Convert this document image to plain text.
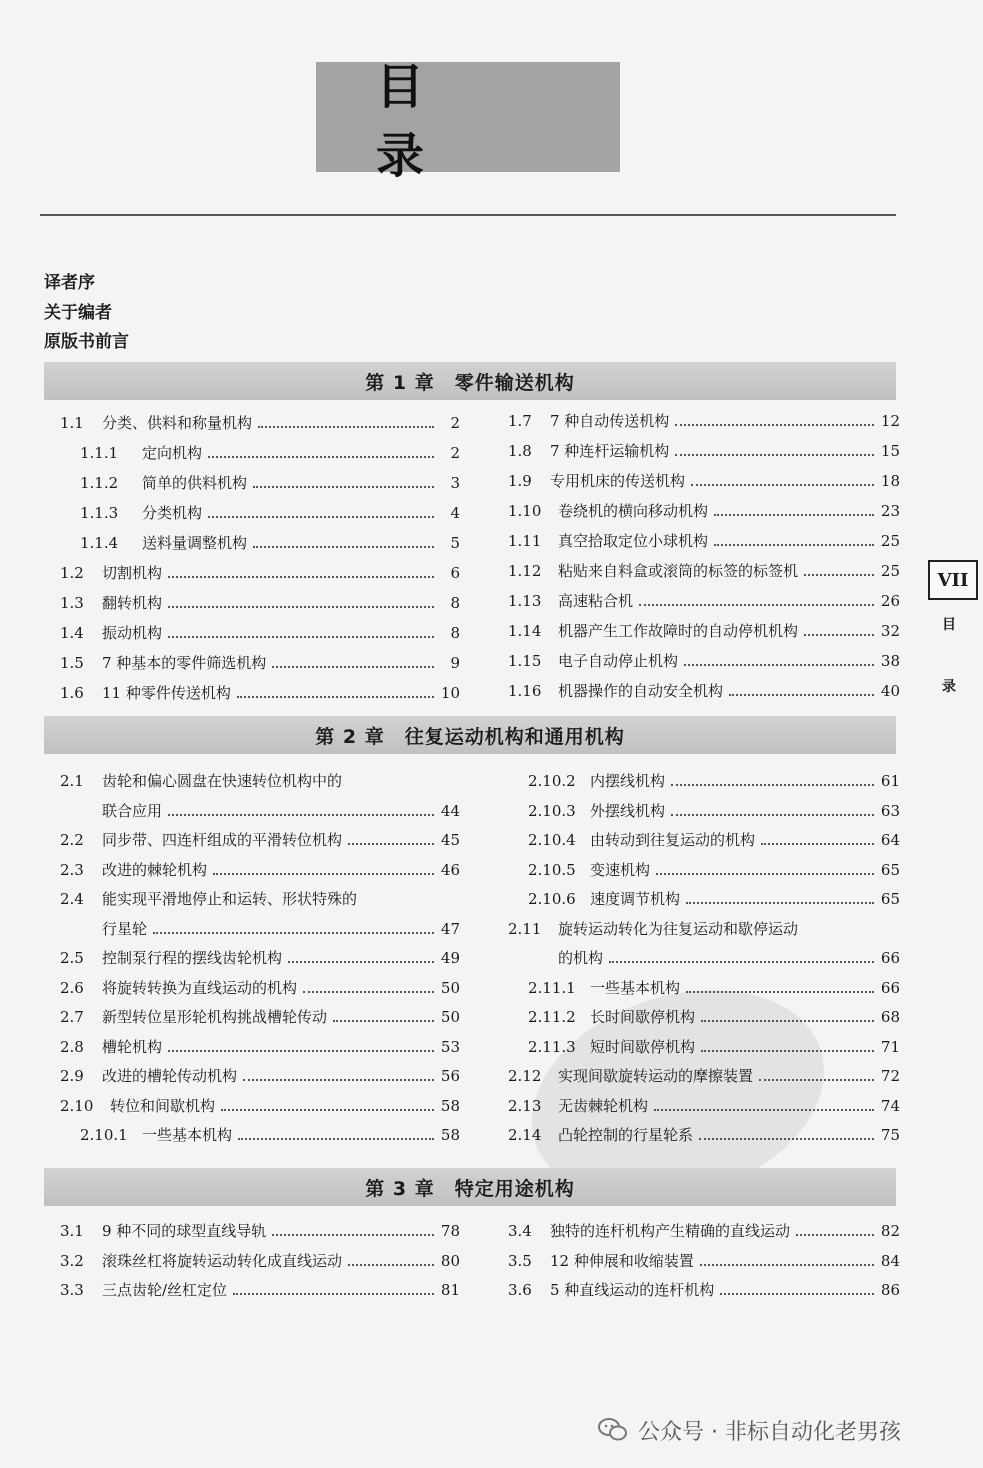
目 录
译者序
关于编者
原版书前言
第 1 章　零件输送机构
1.1	分类、供料和称量机构	2
1.1.1	定向机构	2
1.1.2	简单的供料机构	3
1.1.3	分类机构	4
1.1.4	送料量调整机构	5
1.2	切割机构	6
1.3	翻转机构	8
1.4	振动机构	8
1.5	7 种基本的零件筛选机构	9
1.6	11 种零件传送机构	10
1.7	7 种自动传送机构	12
1.8	7 种连杆运输机构	15
1.9	专用机床的传送机构	18
1.10	卷绕机的横向移动机构	23
1.11	真空拾取定位小球机构	25
1.12	粘贴来自料盒或滚筒的标签的标签机	25
1.13	高速粘合机	26
1.14	机器产生工作故障时的自动停机机构	32
1.15	电子自动停止机构	38
1.16	机器操作的自动安全机构	40
第 2 章　往复运动机构和通用机构
2.1	齿轮和偏心圆盘在快速转位机构中的
联合应用	44
2.2	同步带、四连杆组成的平滑转位机构	45
2.3	改进的棘轮机构	46
2.4	能实现平滑地停止和运转、形状特殊的
行星轮	47
2.5	控制泵行程的摆线齿轮机构	49
2.6	将旋转转换为直线运动的机构	50
2.7	新型转位星形轮机构挑战槽轮传动	50
2.8	槽轮机构	53
2.9	改进的槽轮传动机构	56
2.10	转位和间歇机构	58
2.10.1 一些基本机构	58
2.10.2 内摆线机构	61
2.10.3 外摆线机构	63
2.10.4 由转动到往复运动的机构	64
2.10.5 变速机构	65
2.10.6 速度调节机构	65
2.11	旋转运动转化为往复运动和歇停运动
的机构	66
2.11.1 一些基本机构	66
2.11.2 长时间歇停机构	68
2.11.3 短时间歇停机构	71
2.12	实现间歇旋转运动的摩擦装置	72
2.13	无齿棘轮机构	74
2.14	凸轮控制的行星轮系	75
第 3 章　特定用途机构
3.1	9 种不同的球型直线导轨	78
3.2	滚珠丝杠将旋转运动转化成直线运动	80
3.3	三点齿轮/丝杠定位	81
3.4	独特的连杆机构产生精确的直线运动	82
3.5	12 种伸展和收缩装置	84
3.6	5 种直线运动的连杆机构	86
VII
目
录
公众号 · 非标自动化老男孩
